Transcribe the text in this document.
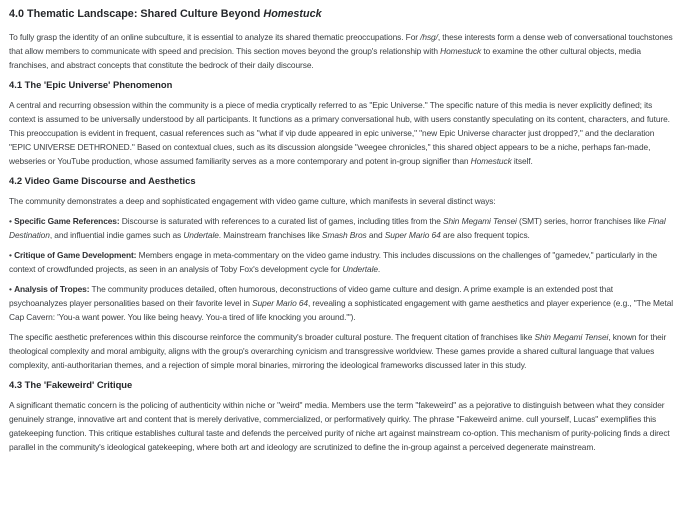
4.0 Thematic Landscape: Shared Culture Beyond Homestuck

To fully grasp the identity of an online subculture, it is essential to analyze its shared thematic preoccupations. For /hsg/, these interests form a dense web of conversational touchstones that allow members to communicate with speed and precision. This section moves beyond the group's relationship with Homestuck to examine the other cultural objects, media franchises, and abstract concepts that constitute the bedrock of their daily discourse.

4.1 The 'Epic Universe' Phenomenon

A central and recurring obsession within the community is a piece of media cryptically referred to as "Epic Universe." The specific nature of this media is never explicitly defined; its context is assumed to be universally understood by all participants. It functions as a primary conversational hub, with users constantly speculating on its content, characters, and future. This preoccupation is evident in frequent, casual references such as "what if vip dude appeared in epic universe," "new Epic Universe character just dropped?," and the declaration "EPIC UNIVERSE DETHRONED." Based on contextual clues, such as its discussion alongside "weegee chronicles," this shared object appears to be a niche, perhaps fan-made, webseries or YouTube production, whose assumed familiarity serves as a more contemporary and potent in-group signifier than Homestuck itself.

4.2 Video Game Discourse and Aesthetics

The community demonstrates a deep and sophisticated engagement with video game culture, which manifests in several distinct ways:

• Specific Game References: Discourse is saturated with references to a curated list of games, including titles from the Shin Megami Tensei (SMT) series, horror franchises like Final Destination, and influential indie games such as Undertale. Mainstream franchises like Smash Bros and Super Mario 64 are also frequent topics.

• Critique of Game Development: Members engage in meta-commentary on the video game industry. This includes discussions on the challenges of "gamedev," particularly in the context of crowdfunded projects, as seen in an analysis of Toby Fox's development cycle for Undertale.

• Analysis of Tropes: The community produces detailed, often humorous, deconstructions of video game culture and design. A prime example is an extended post that psychoanalyzes player personalities based on their favorite level in Super Mario 64, revealing a sophisticated engagement with game aesthetics and player experience (e.g., "The Metal Cap Cavern: 'You-a want power. You like being heavy. You-a tired of life knocking you around.'").

The specific aesthetic preferences within this discourse reinforce the community's broader cultural posture. The frequent citation of franchises like Shin Megami Tensei, known for their theological complexity and moral ambiguity, aligns with the group's overarching cynicism and transgressive worldview. These games provide a shared cultural language that values complexity, anti-authoritarian themes, and a rejection of simple moral binaries, mirroring the ideological frameworks discussed later in this study.

4.3 The 'Fakeweird' Critique

A significant thematic concern is the policing of authenticity within niche or "weird" media. Members use the term "fakeweird" as a pejorative to distinguish between what they consider genuinely strange, innovative art and content that is merely derivative, commercialized, or performatively quirky. The phrase "Fakeweird anime. cull yourself, Lucas" exemplifies this gatekeeping function. This critique establishes cultural taste and defends the perceived purity of niche art against mainstream co-option. This mechanism of purity-policing finds a direct parallel in the community's ideological gatekeeping, where both art and ideology are scrutinized to define the in-group against a perceived degenerate mainstream.
